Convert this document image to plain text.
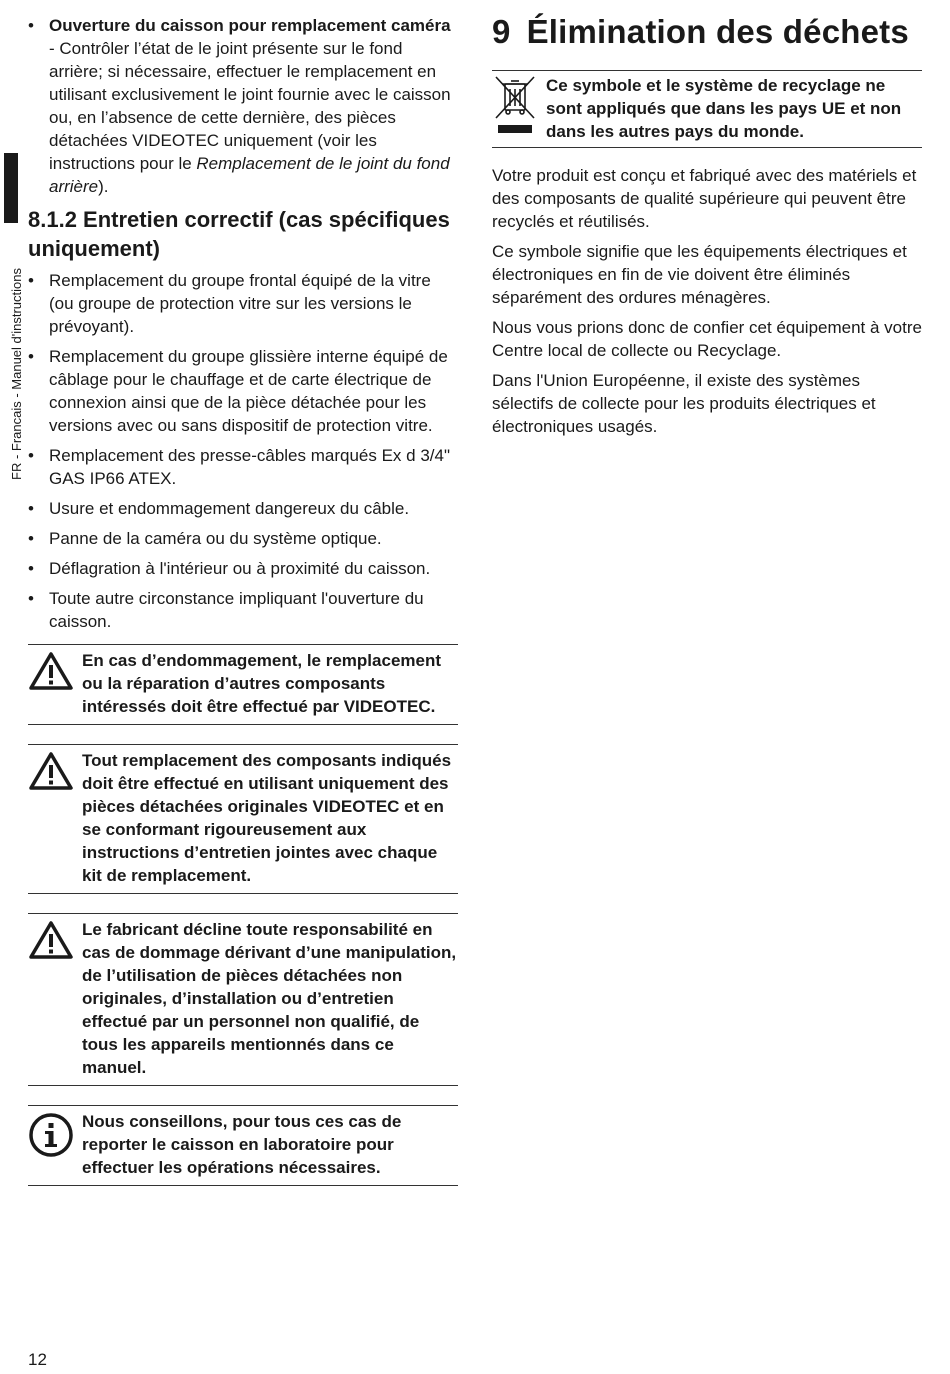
FR - Francais - Manuel d'instructions
• Ouverture du caisson pour remplacement caméra - Contrôler l’état de le joint présente sur le fond arrière; si nécessaire, effectuer le remplacement en utilisant exclusivement le joint fournie avec le caisson ou, en l’absence de cette dernière, des pièces détachées VIDEOTEC uniquement (voir les instructions pour le Remplacement de le joint du fond arrière).
8.1.2 Entretien correctif (cas spécifiques uniquement)
• Remplacement du groupe frontal équipé de la vitre (ou groupe de protection vitre sur les versions le prévoyant).
• Remplacement du groupe glissière interne équipé de câblage pour le chauffage et de carte électrique de connexion ainsi que de la pièce détachée pour les versions avec ou sans dispositif de protection vitre.
• Remplacement des presse-câbles marqués Ex d 3/4" GAS IP66 ATEX.
• Usure et endommagement dangereux du câble.
• Panne de la caméra ou du système optique.
• Déflagration à l'intérieur ou à proximité du caisson.
• Toute autre circonstance impliquant l'ouverture du caisson.
En cas d’endommagement, le remplacement ou la réparation d’autres composants intéressés doit être effectué par VIDEOTEC.
Tout remplacement des composants indiqués doit être effectué en utilisant uniquement des pièces détachées originales VIDEOTEC et en se conformant rigoureusement aux instructions d’entretien jointes avec chaque kit de remplacement.
Le fabricant décline toute responsabilité en cas de dommage dérivant d’une manipulation, de l’utilisation de pièces détachées non originales, d’installation ou d’entretien effectué par un personnel non qualifié, de tous les appareils mentionnés dans ce manuel.
Nous conseillons, pour tous ces cas de reporter le caisson en laboratoire pour effectuer les opérations nécessaires.
9 Élimination des déchets
Ce symbole et le système de recyclage ne sont appliqués que dans les pays UE et non dans les autres pays du monde.

Votre produit est conçu et fabriqué avec des matériels et des composants de qualité supérieure qui peuvent être recyclés et réutilisés.

Ce symbole signifie que les équipements électriques et électroniques en fin de vie doivent être éliminés séparément des ordures ménagères.

Nous vous prions donc de confier cet équipement à votre Centre local de collecte ou Recyclage.

Dans l'Union Européenne, il existe des systèmes sélectifs de collecte pour les produits électriques et électroniques usagés.

12
